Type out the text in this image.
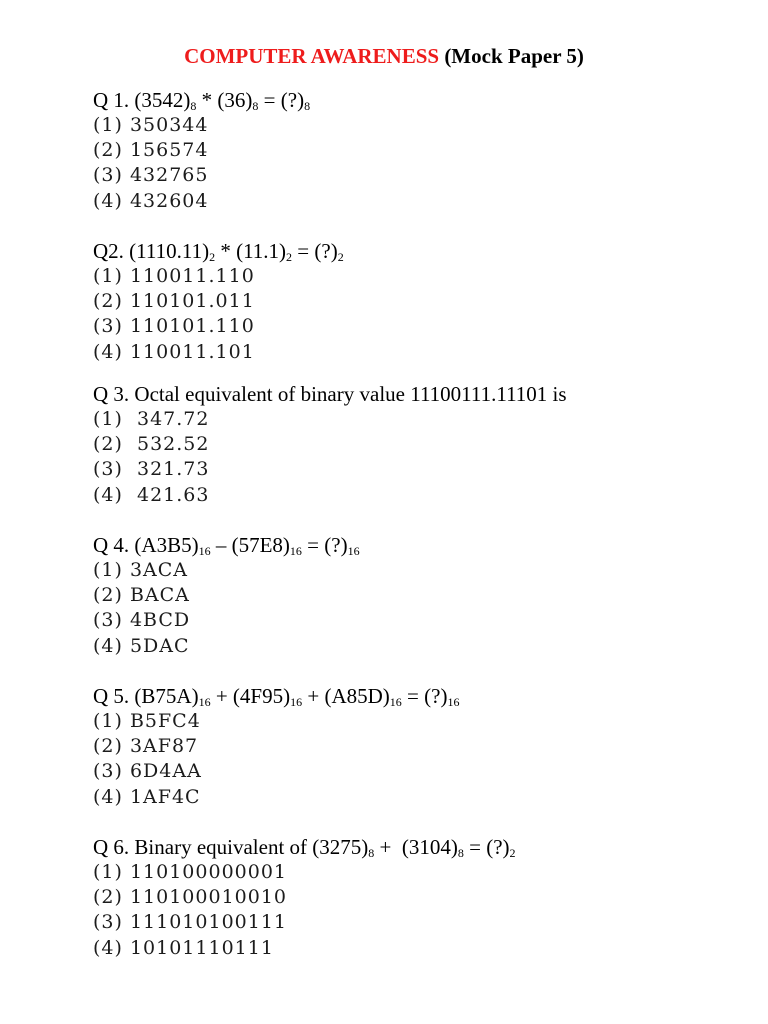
COMPUTER AWARENESS (Mock Paper 5)
Q 1. $(3542)_8 * (36)_8$ = $(?)_8$
(1) 350344
(2) 156574
(3) 432765
(4) 432604
Q2. $(1110.11)_2 * (11.1)_2$ = $(?)_2$
(1) 110011.110
(2) 110101.011
(3) 110101.110
(4) 110011.101
Q 3. Octal equivalent of binary value 11100111.11101 is
(1)  347.72
(2)  532.52
(3)  321.73
(4)  421.63
Q 4. $(A3B5)_{16} - (57E8)_{16}$ = $(?)_{16}$
(1) 3ACA
(2) BACA
(3) 4BCD
(4) 5DAC
Q 5. $(B75A)_{16} + (4F95)_{16} + (A85D)_{16}$ = $(?)_{16}$
(1) B5FC4
(2) 3AF87
(3) 6D4AA
(4) 1AF4C
Q 6. Binary equivalent of $(3275)_8 + (3104)_8$ = $(?)_2$
(1) 110100000001
(2) 110100010010
(3) 111010100111
(4) 10101110111
